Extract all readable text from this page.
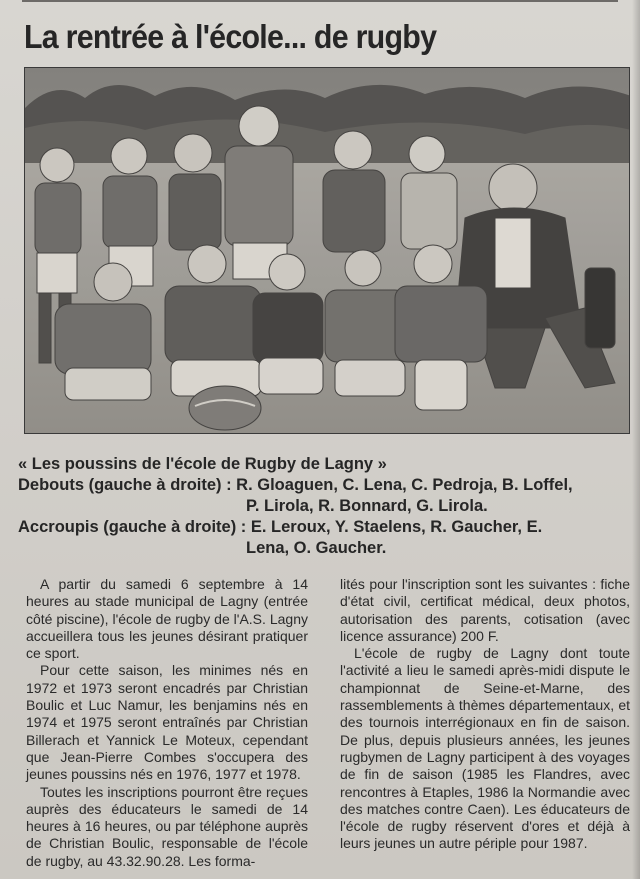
La rentrée à l'école... de rugby
« Les poussins de l'école de Rugby de Lagny »
Debouts (gauche à droite) : R. Gloaguen, C. Lena, C. Pedroja, B. Loffel,
P. Lirola, R. Bonnard, G. Lirola.
Accroupis (gauche à droite) : E. Leroux, Y. Staelens, R. Gaucher, E.
Lena, O. Gaucher.

A partir du samedi 6 septembre à 14 heures au stade municipal de Lagny (entrée côté piscine), l'école de rugby de l'A.S. Lagny accueillera tous les jeunes désirant pratiquer ce sport.

Pour cette saison, les minimes nés en 1972 et 1973 seront encadrés par Christian Boulic et Luc Namur, les benjamins nés en 1974 et 1975 seront entraînés par Christian Billerach et Yannick Le Moteux, cependant que Jean-Pierre Combes s'occupera des jeunes poussins nés en 1976, 1977 et 1978.

Toutes les inscriptions pourront être reçues auprès des éducateurs le samedi de 14 heures à 16 heures, ou par téléphone auprès de Christian Boulic, responsable de l'école de rugby, au 43.32.90.28. Les forma-

lités pour l'inscription sont les suivantes : fiche d'état civil, certificat médical, deux photos, autorisation des parents, cotisation (avec licence assurance) 200 F.

L'école de rugby de Lagny dont toute l'activité a lieu le samedi après-midi dispute le championnat de Seine-et-Marne, des rassemblements à thèmes départementaux, et des tournois interrégionaux en fin de saison. De plus, depuis plusieurs années, les jeunes rugbymen de Lagny participent à des voyages de fin de saison (1985 les Flandres, avec rencontres à Etaples, 1986 la Normandie avec des matches contre Caen). Les éducateurs de l'école de rugby réservent d'ores et déjà à leurs jeunes un autre périple pour 1987.
